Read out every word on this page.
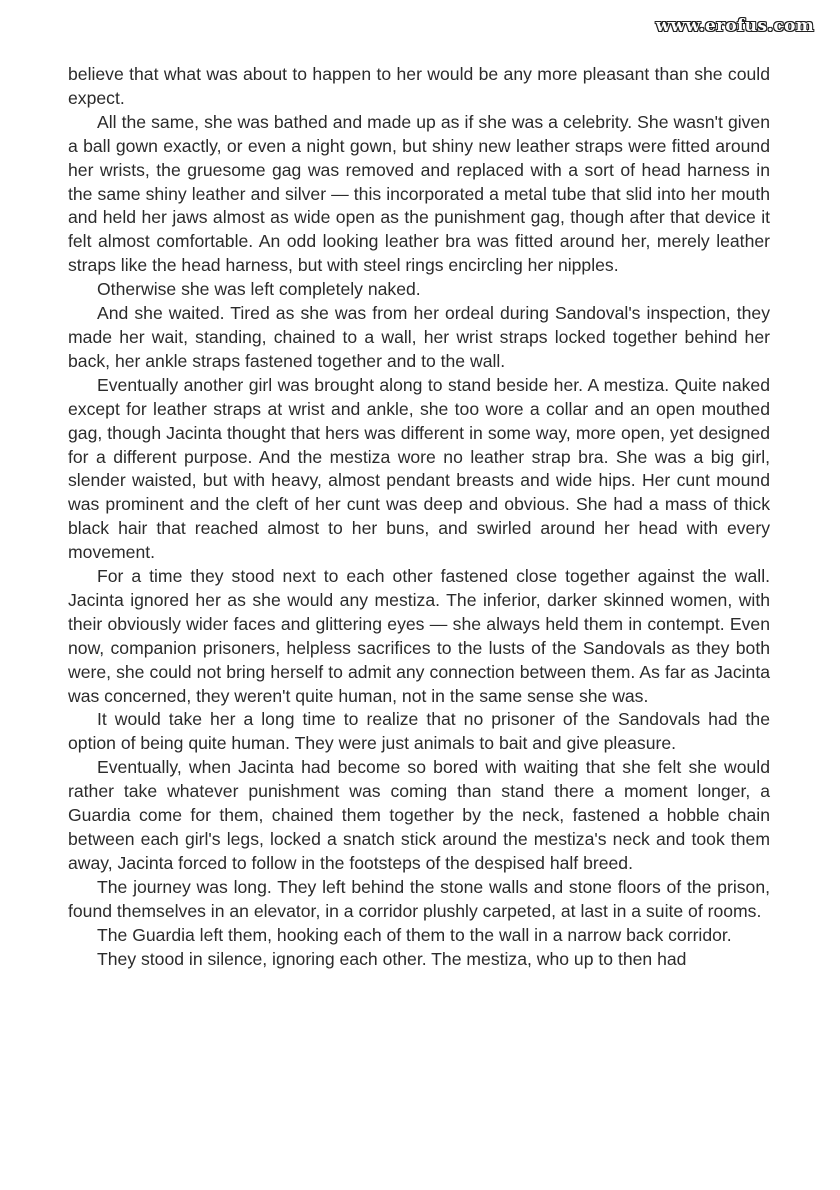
www.erofus.com

believe that what was about to happen to her would be any more pleasant than she could expect.

All the same, she was bathed and made up as if she was a celebrity. She wasn't given a ball gown exactly, or even a night gown, but shiny new leather straps were fitted around her wrists, the gruesome gag was removed and replaced with a sort of head harness in the same shiny leather and silver — this incorporated a metal tube that slid into her mouth and held her jaws almost as wide open as the punishment gag, though after that device it felt almost comfortable. An odd looking leather bra was fitted around her, merely leather straps like the head harness, but with steel rings encircling her nipples.

Otherwise she was left completely naked.

And she waited. Tired as she was from her ordeal during Sandoval's inspection, they made her wait, standing, chained to a wall, her wrist straps locked together behind her back, her ankle straps fastened together and to the wall.

Eventually another girl was brought along to stand beside her. A mestiza. Quite naked except for leather straps at wrist and ankle, she too wore a collar and an open mouthed gag, though Jacinta thought that hers was different in some way, more open, yet designed for a different purpose. And the mestiza wore no leather strap bra. She was a big girl, slender waisted, but with heavy, almost pendant breasts and wide hips. Her cunt mound was prominent and the cleft of her cunt was deep and obvious. She had a mass of thick black hair that reached almost to her buns, and swirled around her head with every movement.

For a time they stood next to each other fastened close together against the wall. Jacinta ignored her as she would any mestiza. The inferior, darker skinned women, with their obviously wider faces and glittering eyes — she always held them in contempt. Even now, companion prisoners, helpless sacrifices to the lusts of the Sandovals as they both were, she could not bring herself to admit any connection between them. As far as Jacinta was concerned, they weren't quite human, not in the same sense she was.

It would take her a long time to realize that no prisoner of the Sandovals had the option of being quite human. They were just animals to bait and give pleasure.

Eventually, when Jacinta had become so bored with waiting that she felt she would rather take whatever punishment was coming than stand there a moment longer, a Guardia come for them, chained them together by the neck, fastened a hobble chain between each girl's legs, locked a snatch stick around the mestiza's neck and took them away, Jacinta forced to follow in the footsteps of the despised half breed.

The journey was long. They left behind the stone walls and stone floors of the prison, found themselves in an elevator, in a corridor plushly carpeted, at last in a suite of rooms.

The Guardia left them, hooking each of them to the wall in a narrow back corridor.

They stood in silence, ignoring each other. The mestiza, who up to then had
